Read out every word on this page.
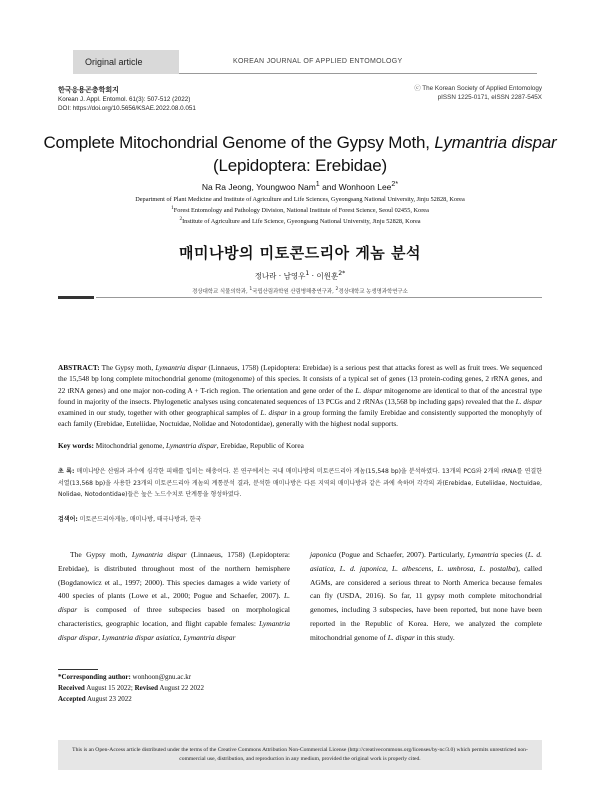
Original article	KOREAN JOURNAL OF APPLIED ENTOMOLOGY
한국응용곤충학회지
Korean J. Appl. Entomol. 61(3): 507-512 (2022)
DOI: https://doi.org/10.5656/KSAE.2022.08.0.051
ⓒ The Korean Society of Applied Entomology
pISSN 1225-0171, eISSN 2287-545X
Complete Mitochondrial Genome of the Gypsy Moth, Lymantria dispar
(Lepidoptera: Erebidae)
Na Ra Jeong, Youngwoo Nam$^1$ and Wonhoon Lee$^{2*}$
Department of Plant Medicine and Institute of Agriculture and Life Sciences, Gyeongsang National University, Jinju 52828, Korea
$^1$Forest Entomology and Pathology Division, National Institute of Forest Science, Seoul 02455, Korea
$^2$Institute of Agriculture and Life Science, Gyeongsang National University, Jinju 52828, Korea
매미나방의 미토콘드리아 게놈 분석
정나라 · 남영우$^1$ · 이원훈$^{2*}$
경상대학교 식물의학과, $^1$국립산림과학원 산림병해충연구과, $^2$경상대학교 농생명과학연구소
ABSTRACT: The Gypsy moth, Lymantria dispar (Linnaeus, 1758) (Lepidoptera: Erebidae) is a serious pest that attacks forest as well as fruit trees. We sequenced the 15,548 bp long complete mitochondrial genome (mitogenome) of this species. It consists of a typical set of genes (13 protein-coding genes, 2 rRNA genes, and 22 tRNA genes) and one major non-coding A + T-rich region. The orientation and gene order of the L. dispar mitogenome are identical to that of the ancestral type found in majority of the insects. Phylogenetic analyses using concatenated sequences of 13 PCGs and 2 rRNAs (13,568 bp including gaps) revealed that the L. dispar examined in our study, together with other geographical samples of L. dispar in a group forming the family Erebidae and consistently supported the monophyly of each family (Erebidae, Euteliidae, Noctuidae, Nolidae and Notodontidae), generally with the highest nodal supports.
Key words: Mitochondrial genome, Lymantria dispar, Erebidae, Republic of Korea
초 록: 매미나방은 산림과 과수에 심각한 피해를 입히는 해충이다. 본 연구에서는 국내 매미나방의 미토콘드리아 게놈(15,548 bp)을 분석하였다. 13개의 PCG와 2개의 rRNA를 연결한 서열(13,568 bp)을 사용한 23개의 미토콘드리아 게놈의 계통분석 결과, 분석한 매미나방은 다른 지역의 매미나방과 같은 과에 속하며 각각의 과(Erebidae, Euteliidae, Noctuidae, Nolidae, Notodontidae)들은 높은 노드수치로 단계통을 형성하였다.
검색어: 미토콘드리아게놈, 매미나방, 태극나방과, 한국
The Gypsy moth, Lymantria dispar (Linnaeus, 1758) (Lepidoptera: Erebidae), is distributed throughout most of the northern hemisphere (Bogdanowicz et al., 1997; 2000). This species damages a wide variety of 400 species of plants (Lowe et al., 2000; Pogue and Schaefer, 2007). L. dispar is composed of three subspecies based on morphological characteristics, geographic location, and flight capable females: Lymantria dispar dispar, Lymantria dispar asiatica, Lymantria dispar
japonica (Pogue and Schaefer, 2007). Particularly, Lymantria species (L. d. asiatica, L. d. japonica, L. albescens, L. umbrosa, L. postalba), called AGMs, are considered a serious threat to North America because females can fly (USDA, 2016). So far, 11 gypsy moth complete mitochondrial genomes, including 3 subspecies, have been reported, but none have been reported in the Republic of Korea. Here, we analyzed the complete mitochondrial genome of L. dispar in this study.
*Corresponding author: wonhoon@gnu.ac.kr
Received August 15 2022; Revised August 22 2022
Accepted August 23 2022
This is an Open-Access article distributed under the terms of the Creative Commons Attribution Non-Commercial License (http://creativecommons.org/licenses/by-nc/3.0) which permits unrestricted non-commercial use, distribution, and reproduction in any medium, provided the original work is properly cited.
